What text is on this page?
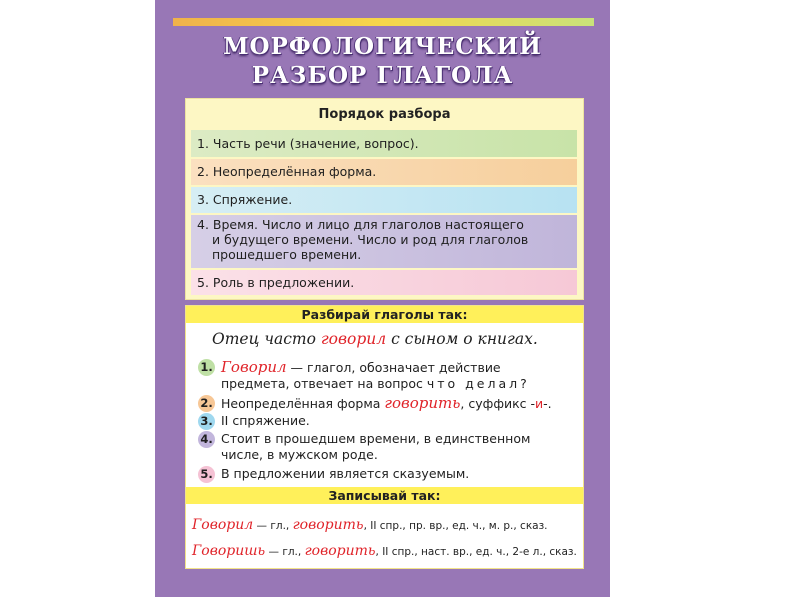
МОРФОЛОГИЧЕСКИЙ
РАЗБОР ГЛАГОЛА
Порядок разбора
1. Часть речи (значение, вопрос).
2. Неопределённая форма.
3. Спряжение.
4. Время. Число и лицо для глаголов настоящего
и будущего времени. Число и род для глаголов
прошедшего времени.
5. Роль в предложении.
Разбирай глаголы так:
Отец часто говорил с сыном о книгах.
1. Говорил — глагол, обозначает действие
предмета, отвечает на вопрос что делал?
2. Неопределённая форма говорить, суффикс -и-.
3. II спряжение.
4. Стоит в прошедшем времени, в единственном
числе, в мужском роде.
5. В предложении является сказуемым.
Записывай так:
Говорил — гл., говорить, II спр., пр. вр., ед. ч., м. р., сказ.
Говоришь — гл., говорить, II спр., наст. вр., ед. ч., 2-е л., сказ.
